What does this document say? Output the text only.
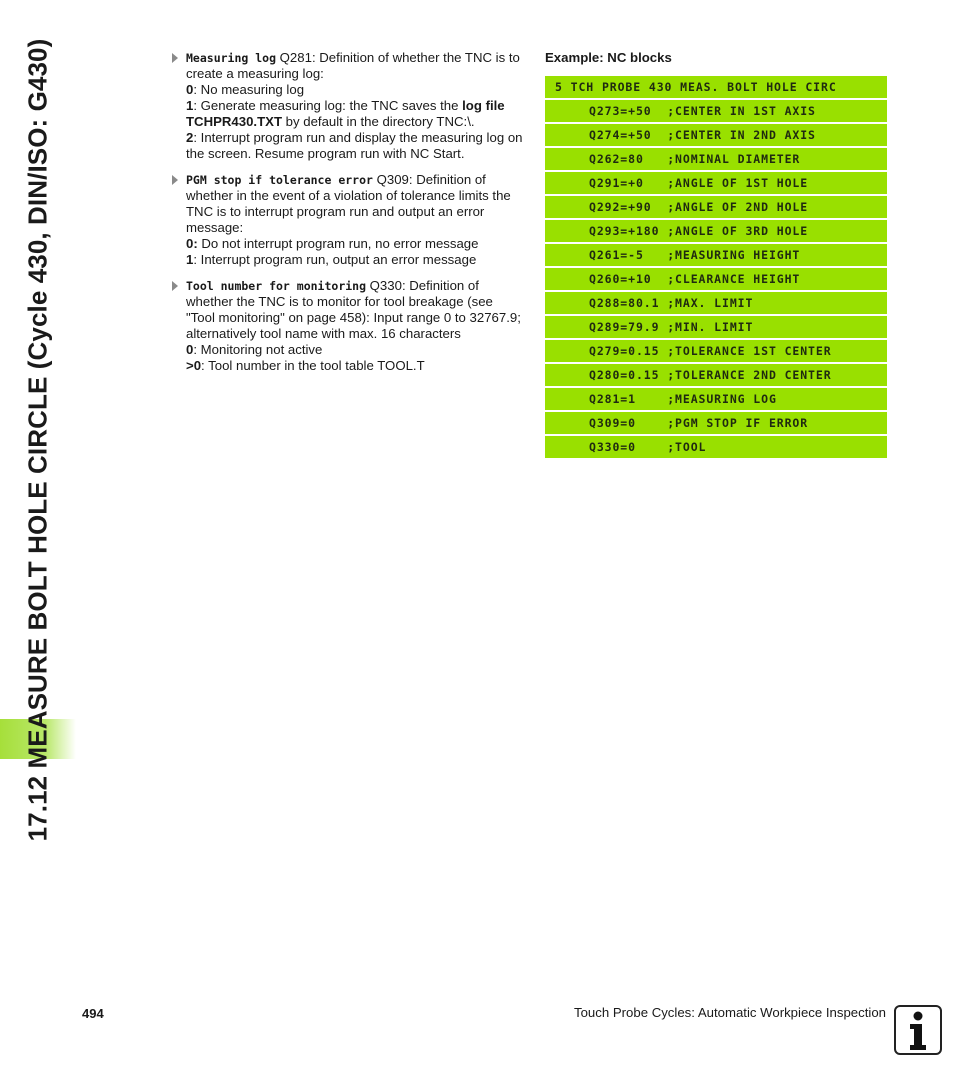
17.12 MEASURE BOLT HOLE CIRCLE (Cycle 430, DIN/ISO: G430)	Measuring log Q281: Definition of whether the TNC is to create a measuring log:
0: No measuring log
1: Generate measuring log: the TNC saves the log file TCHPR430.TXT by default in the directory TNC:\.
2: Interrupt program run and display the measuring log on the screen. Resume program run with NC Start.
PGM stop if tolerance error Q309: Definition of whether in the event of a violation of tolerance limits the TNC is to interrupt program run and output an error message:
0: Do not interrupt program run, no error message
1: Interrupt program run, output an error message
Tool number for monitoring Q330: Definition of whether the TNC is to monitor for tool breakage (see "Tool monitoring" on page 458): Input range 0 to 32767.9; alternatively tool name with max. 16 characters
0: Monitoring not active
>0: Tool number in the tool table TOOL.T
Example: NC blocks
5 TCH PROBE 430 MEAS. BOLT HOLE CIRC
Q273=+50  ;CENTER IN 1ST AXIS
Q274=+50  ;CENTER IN 2ND AXIS
Q262=80   ;NOMINAL DIAMETER
Q291=+0   ;ANGLE OF 1ST HOLE
Q292=+90  ;ANGLE OF 2ND HOLE
Q293=+180 ;ANGLE OF 3RD HOLE
Q261=-5   ;MEASURING HEIGHT
Q260=+10  ;CLEARANCE HEIGHT
Q288=80.1 ;MAX. LIMIT
Q289=79.9 ;MIN. LIMIT
Q279=0.15 ;TOLERANCE 1ST CENTER
Q280=0.15 ;TOLERANCE 2ND CENTER
Q281=1    ;MEASURING LOG
Q309=0    ;PGM STOP IF ERROR
Q330=0    ;TOOL
494	Touch Probe Cycles: Automatic Workpiece Inspection
